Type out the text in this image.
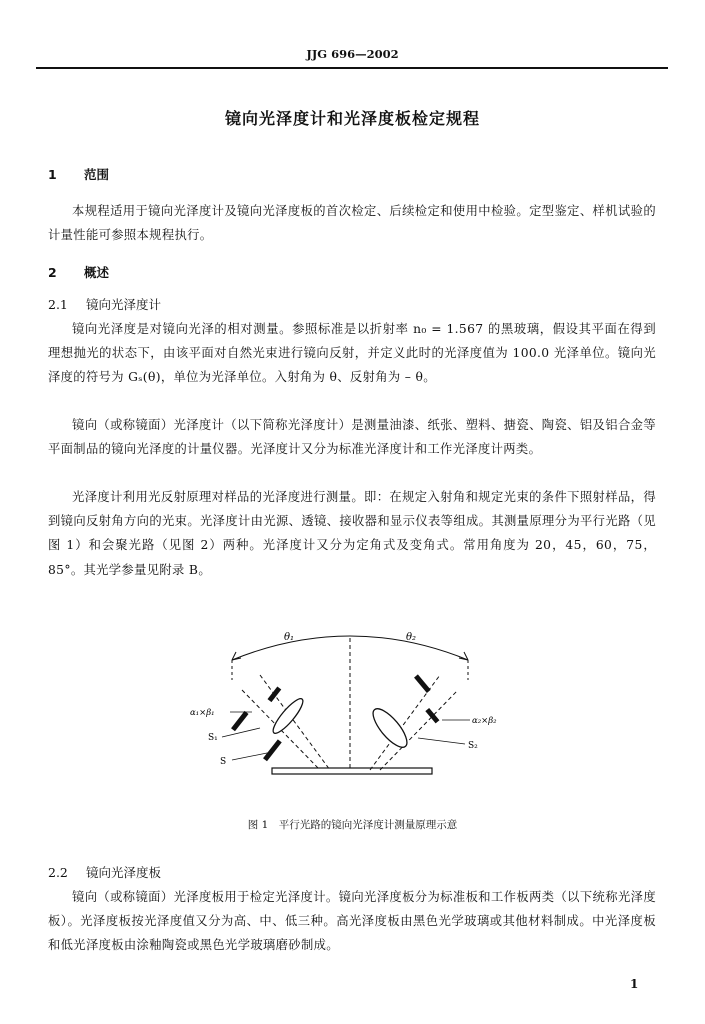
JJG 696—2002
镜向光泽度计和光泽度板检定规程
1 范围
本规程适用于镜向光泽度计及镜向光泽度板的首次检定、后续检定和使用中检验。定型鉴定、样机试验的计量性能可参照本规程执行。
2 概述
2.1 镜向光泽度计
镜向光泽度是对镜向光泽的相对测量。参照标准是以折射率 n₀ = 1.567 的黑玻璃，假设其平面在得到理想抛光的状态下，由该平面对自然光束进行镜向反射，并定义此时的光泽度值为 100.0 光泽单位。镜向光泽度的符号为 Gₛ(θ)，单位为光泽单位。入射角为 θ、反射角为 – θ。
镜向（或称镜面）光泽度计（以下简称光泽度计）是测量油漆、纸张、塑料、搪瓷、陶瓷、铝及铝合金等平面制品的镜向光泽度的计量仪器。光泽度计又分为标准光泽度计和工作光泽度计两类。
光泽度计利用光反射原理对样品的光泽度进行测量。即：在规定入射角和规定光束的条件下照射样品，得到镜向反射角方向的光束。光泽度计由光源、透镜、接收器和显示仪表等组成。其测量原理分为平行光路（见图 1）和会聚光路（见图 2）两种。光泽度计又分为定角式及变角式。常用角度为 20，45，60，75，85°。其光学参量见附录 B。
θ₁	θ₂
α₁×β₁
α₂×β₂
S₁
S₂
S
图 1　平行光路的镜向光泽度计测量原理示意
2.2 镜向光泽度板
镜向（或称镜面）光泽度板用于检定光泽度计。镜向光泽度板分为标准板和工作板两类（以下统称光泽度板）。光泽度板按光泽度值又分为高、中、低三种。高光泽度板由黑色光学玻璃或其他材料制成。中光泽度板和低光泽度板由涂釉陶瓷或黑色光学玻璃磨砂制成。
1
